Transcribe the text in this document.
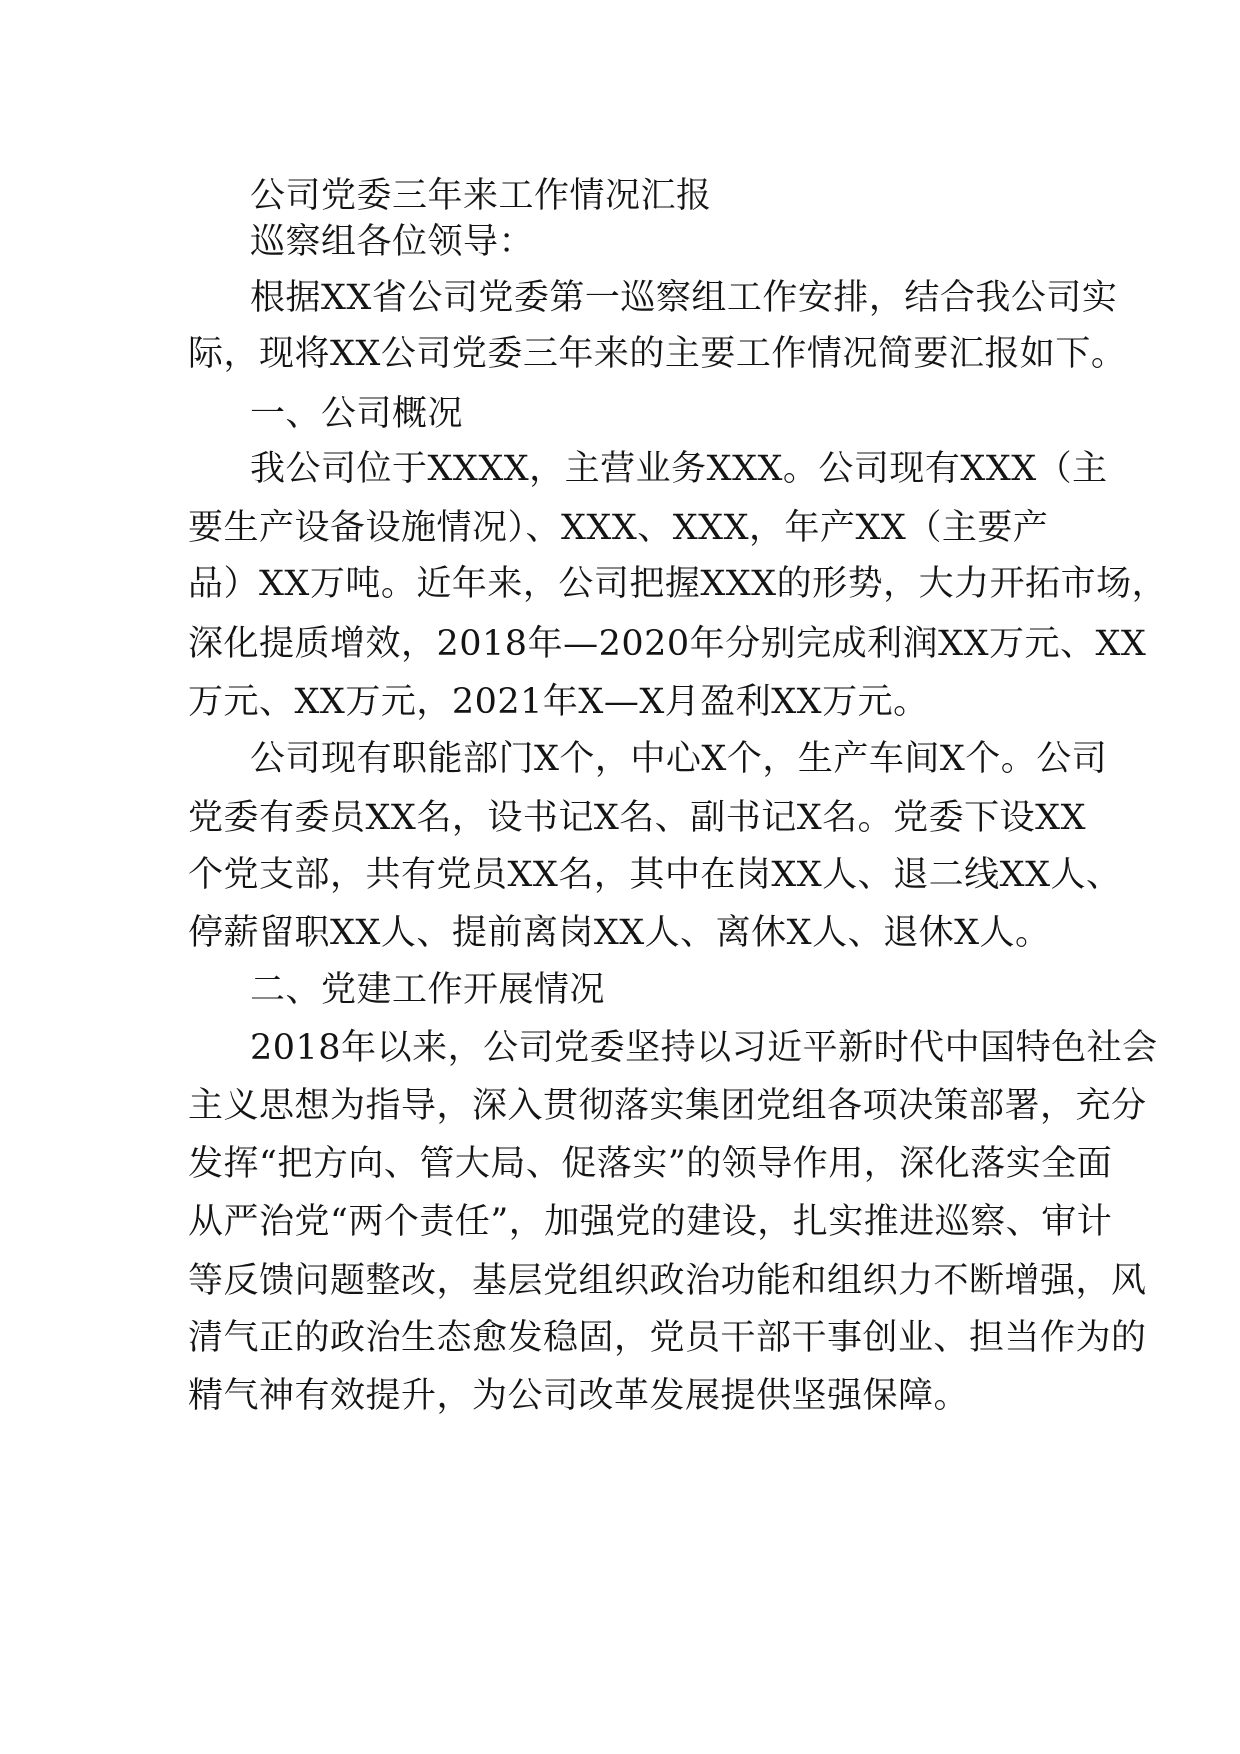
公司党委三年来工作情况汇报
巡察组各位领导：
根据XX省公司党委第一巡察组工作安排，结合我公司实
际，现将XX公司党委三年来的主要工作情况简要汇报如下。
一、公司概况
我公司位于XXXX，主营业务XXX。公司现有XXX（主
要生产设备设施情况）、XXX、XXX，年产XX（主要产
品）XX万吨。近年来，公司把握XXX的形势，大力开拓市场，
深化提质增效，2018年—2020年分别完成利润XX万元、XX
万元、XX万元，2021年X—X月盈利XX万元。
公司现有职能部门X个，中心X个，生产车间X个。公司
党委有委员XX名，设书记X名、副书记X名。党委下设XX
个党支部，共有党员XX名，其中在岗XX人、退二线XX人、
停薪留职XX人、提前离岗XX人、离休X人、退休X人。
二、党建工作开展情况
2018年以来，公司党委坚持以习近平新时代中国特色社会
主义思想为指导，深入贯彻落实集团党组各项决策部署，充分
发挥“把方向、管大局、促落实”的领导作用，深化落实全面
从严治党“两个责任”，加强党的建设，扎实推进巡察、审计
等反馈问题整改，基层党组织政治功能和组织力不断增强，风
清气正的政治生态愈发稳固，党员干部干事创业、担当作为的
精气神有效提升，为公司改革发展提供坚强保障。
